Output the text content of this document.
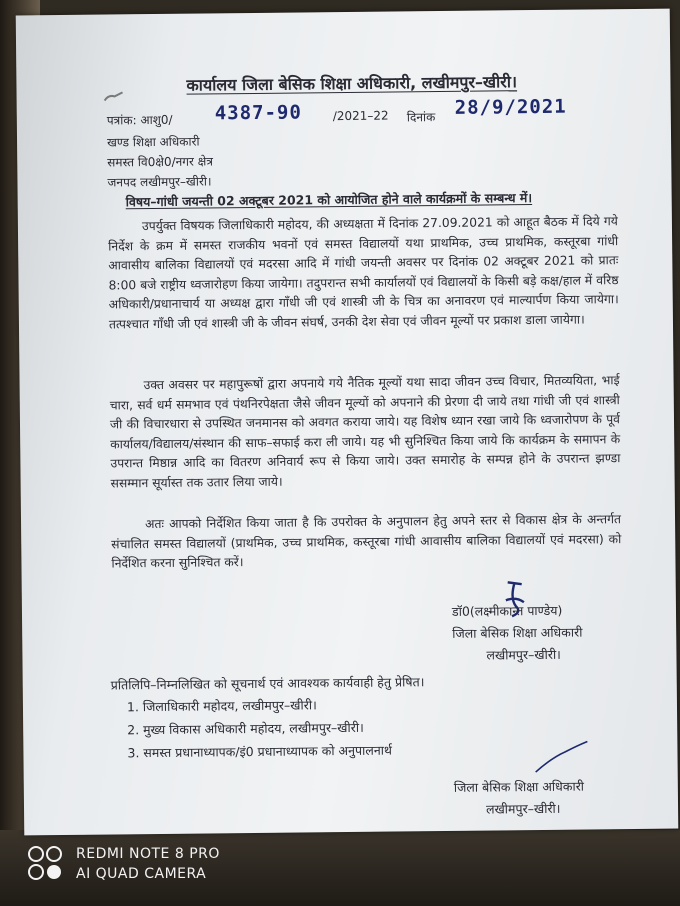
कार्यालय जिला बेसिक शिक्षा अधिकारी, लखीमपुर–खीरी।
पत्रांक: आशु0/ 4387-90	/2021–22 दिनांक 28/9/2021
खण्ड शिक्षा अधिकारी
समस्त वि0क्षे0/नगर क्षेत्र
जनपद लखीमपुर–खीरी।
विषय–गांधी जयन्ती 02 अक्टूबर 2021 को आयोजित होने वाले कार्यक्रमों के सम्बन्ध में।
उपर्युक्त विषयक जिलाधिकारी महोदय, की अध्यक्षता में दिनांक 27.09.2021 को आहूत बैठक में दिये गये निर्देश के क्रम में समस्त राजकीय भवनों एवं समस्त विद्यालयों यथा प्राथमिक, उच्च प्राथमिक, कस्तूरबा गांधी आवासीय बालिका विद्यालयों एवं मदरसा आदि में गांधी जयन्ती अवसर पर दिनांक 02 अक्टूबर 2021 को प्रातः 8:00 बजे राष्ट्रीय ध्वजारोहण किया जायेगा। तदुपरान्त सभी कार्यालयों एवं विद्यालयों के किसी बड़े कक्ष/हाल में वरिष्ठ अधिकारी/प्रधानाचार्य या अध्यक्ष द्वारा गाँधी जी एवं शास्त्री जी के चित्र का अनावरण एवं माल्यार्पण किया जायेगा। तत्पश्चात गाँधी जी एवं शास्त्री जी के जीवन संघर्ष, उनकी देश सेवा एवं जीवन मूल्यों पर प्रकाश डाला जायेगा।
उक्त अवसर पर महापुरूषों द्वारा अपनाये गये नैतिक मूल्यों यथा सादा जीवन उच्च विचार, मितव्ययिता, भाई चारा, सर्व धर्म समभाव एवं पंथनिरपेक्षता जैसे जीवन मूल्यों को अपनाने की प्रेरणा दी जाये तथा गांधी जी एवं शास्त्री जी की विचारधारा से उपस्थित जनमानस को अवगत कराया जाये। यह विशेष ध्यान रखा जाये कि ध्वजारोपण के पूर्व कार्यालय/विद्यालय/संस्थान की साफ–सफाई करा ली जाये। यह भी सुनिश्चित किया जाये कि कार्यक्रम के समापन के उपरान्त मिष्ठान्न आदि का वितरण अनिवार्य रूप से किया जाये। उक्त समारोह के सम्पन्न होने के उपरान्त झण्डा ससम्मान सूर्यास्त तक उतार लिया जाये।
अतः आपको निर्देशित किया जाता है कि उपरोक्त के अनुपालन हेतु अपने स्तर से विकास क्षेत्र के अन्तर्गत संचालित समस्त विद्यालयों (प्राथमिक, उच्च प्राथमिक, कस्तूरबा गांधी आवासीय बालिका विद्यालयों एवं मदरसा) को निर्देशित करना सुनिश्चित करें।
डॉ0(लक्ष्मीकान्त पाण्डेय)
जिला बेसिक शिक्षा अधिकारी
लखीमपुर–खीरी।
प्रतिलिपि–निम्नलिखित को सूचनार्थ एवं आवश्यक कार्यवाही हेतु प्रेषित।
1. जिलाधिकारी महोदय, लखीमपुर–खीरी।
2. मुख्य विकास अधिकारी महोदय, लखीमपुर–खीरी।
3. समस्त प्रधानाध्यापक/इं0 प्रधानाध्यापक को अनुपालनार्थ
जिला बेसिक शिक्षा अधिकारी
लखीमपुर–खीरी।
REDMI NOTE 8 PRO
AI QUAD CAMERA
